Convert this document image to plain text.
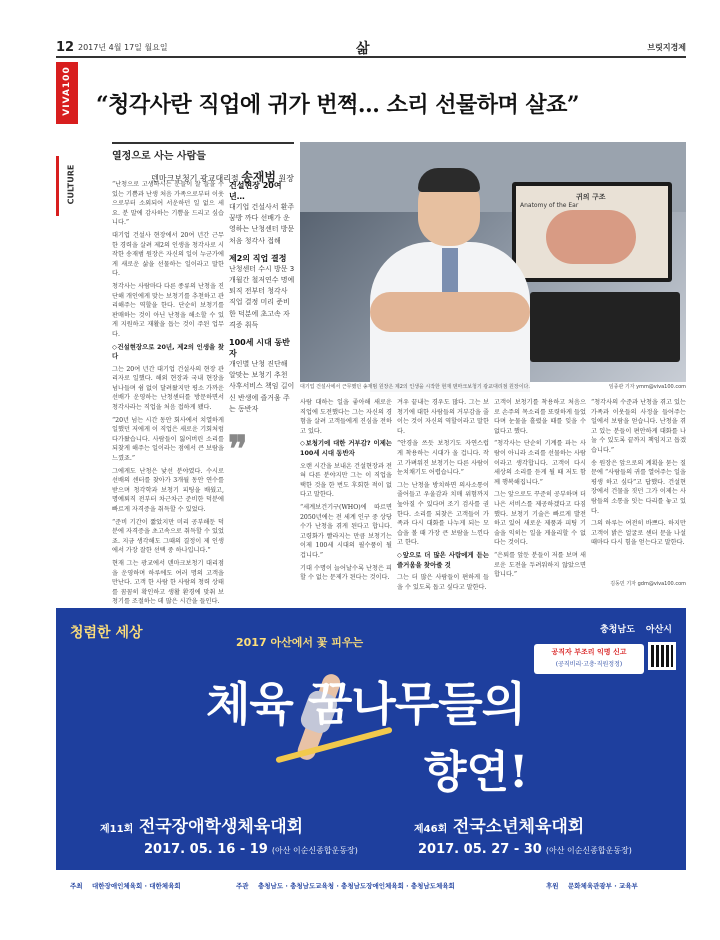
12 2017년 4월 17일 월요일	삶	브릿지경제
VIVA100
CULTURE
“청각사란 직업에 귀가 번쩍… 소리 선물하며 살죠”
열정으로 사는 사람들
덴마크보청기 광교대리점 송재범 원장

“난청으로 고생하시는 분들이 잘 들을 수 있는 기쁨과 난생 처음 가족으로부터 이웃으로부터 소외되어 서운하던 일 없으 세요. 분 말에 감사하는 기쁨을 드리고 싶습니다.”

대기업 건설사 현장에서 20여 년간 근무한 경력을 살려 제2의 인생을 청각사로 시작한 송재범 원장은 자신의 일이 누군가에게 새로운 삶을 선물하는 일이라고 말한다.

청각사는 사람마다 다른 종류의 난청을 진단해 개인에게 맞는 보청기를 추천하고 관리해주는 역할을 한다. 단순히 보청기를 판매하는 것이 아닌 난청을 해소할 수 있게 지원하고 재활을 돕는 것이 주된 업무다.

◇건설현장으로 20년, 제2의 인생을 찾다

그는 20여 년간 대기업 건설사의 현장 관리자로 일했다. 해외 현장과 국내 현장을 넘나들며 쉼 없이 달려왔지만 평소 가까운 선배가 운영하는 난청센터를 방문하면서 청각사라는 직업을 처음 접하게 됐다.

“20년 넘는 시간 동안 회사에서 치열하게 일했던 저에게 이 직업은 새로운 기회처럼 다가왔습니다. 사람들이 잃어버린 소리를 되찾게 해주는 일이라는 점에서 큰 보람을 느꼈죠.”

그에게도 난청은 낯선 분야였다. 수시로 선배의 센터를 찾아가 3개월 동안 연수를 받으며 청각학과 보청기 피팅을 배웠고, 명예퇴직 전부터 차근차근 준비한 덕분에 빠르게 자격증을 취득할 수 있었다.

“준비 기간이 짧았지만 미리 공부해둔 덕분에 자격증을 초고속으로 취득할 수 있었죠. 지금 생각해도 그때의 결정이 제 인생에서 가장 잘한 선택 중 하나입니다.”

현재 그는 광교에서 덴마크보청기 대리점을 운영하며 하루에도 여러 명의 고객을 만난다. 고객 한 사람 한 사람의 청력 상태를 꼼꼼히 확인하고 생활 환경에 맞춰 보청기를 조절하는 데 많은 시간을 들인다.

건설현장 20여년…
대기업 건설사서 환주꿈방 까다 선배가 운영하는 난청센터 방문 처음 청각사 접해
제2의 직업 결정
난청센터 수시 방문 3개월간 철저연수 명예퇴직 전부터 청각사 직업 결정 미리 준비한 덕분에 초고속 자격증 취득
100세 시대 동반자
개인별 난청 진단해 알맞는 보청기 추천 사후서비스 책임 길이신 반생에 즐거움 주는 동반자
귀의 구조
Anatomy of the Ear
대기업 건설사에서 근무했던 송재범 원장은 제2의 인생을 시작한 현재 덴마크보청기 광교대리점 원장이다.	임종관 기자 ymm@viva100.com
❞

사람 대하는 일을 좋아해 새로운 직업에 도전했다는 그는 자신의 경험을 살려 고객들에게 진심을 전하고 있다.

◇보청기에 대한 거부감? 이제는 100세 시대 동반자

오랜 시간을 보내온 건설현장과 전혀 다른 분야지만 그는 이 직업을 택한 것을 한 번도 후회한 적이 없다고 말한다.

“세계보건기구(WHO)에 따르면 2050년에는 전 세계 인구 중 상당수가 난청을 겪게 된다고 합니다. 고령화가 빨라지는 만큼 보청기는 이제 100세 시대의 필수품이 될 겁니다.”

기대 수명이 늘어날수록 난청은 피할 수 없는 문제가 된다는 것이다.

겨우 끝내는 경우도 많다. 그는 보청기에 대한 사람들의 거부감을 줄이는 것이 자신의 역할이라고 말한다.

“안경을 쓰듯 보청기도 자연스럽게 착용하는 시대가 올 겁니다. 작고 가벼워진 보청기는 다른 사람이 눈치채기도 어렵습니다.”

그는 난청을 방치하면 의사소통이 줄어들고 우울감과 치매 위험까지 높아질 수 있다며 조기 검사를 권한다. 소리를 되찾은 고객들이 가족과 다시 대화를 나누게 되는 모습을 볼 때 가장 큰 보람을 느낀다고 한다.

◇앞으로 더 많은 사람에게 듣는 즐거움을 찾아줄 것

그는 더 많은 사람들이 편하게 들을 수 있도록 돕고 싶다고 말한다.

고객이 보청기를 착용하고 처음으로 손주의 목소리를 또렷하게 들었다며 눈물을 흘렸을 때를 잊을 수 없다고 했다.

“청각사는 단순히 기계를 파는 사람이 아니라 소리를 선물하는 사람이라고 생각합니다. 고객이 다시 세상의 소리를 듣게 될 때 저도 함께 행복해집니다.”

그는 앞으로도 꾸준히 공부하며 더 나은 서비스를 제공하겠다고 다짐했다. 보청기 기술은 빠르게 발전하고 있어 새로운 제품과 피팅 기술을 익히는 일을 게을리할 수 없다는 것이다.

“은퇴를 앞둔 분들이 저를 보며 새로운 도전을 두려워하지 않았으면 합니다.”

“청각사의 수준과 난청을 겪고 있는 가족과 이웃들의 사정을 들어주는 일에서 보람을 얻습니다. 난청을 겪고 있는 분들이 편안하게 대화를 나눌 수 있도록 끝까지 책임지고 돕겠습니다.”

송 원장은 앞으로의 계획을 묻는 질문에 “사람들의 귀를 열어주는 일을 평생 하고 싶다”고 답했다. 건설현장에서 건물을 짓던 그가 이제는 사람들의 소통을 잇는 다리를 놓고 있다.

그의 하루는 여전히 바쁘다. 하지만 고객이 밝은 얼굴로 센터 문을 나설 때마다 다시 힘을 얻는다고 말한다.

김동민 기자 gdm@viva100.com
청렴한 세상
2017 아산에서 꽃 피우는
체육 꿈나무들의
향연!
충청남도 아산시
공직자 부조리 익명 신고
(공직비리·고충·직원정정)
제11회 전국장애학생체육대회	제46회 전국소년체육대회
2017. 05. 16 - 19 (아산 이순신종합운동장)	2017. 05. 27 - 30 (아산 이순신종합운동장)
주최 대한장애인체육회 · 대한체육회	주관 충청남도 · 충청남도교육청 · 충청남도장애인체육회 · 충청남도체육회	후원 문화체육관광부 · 교육부
